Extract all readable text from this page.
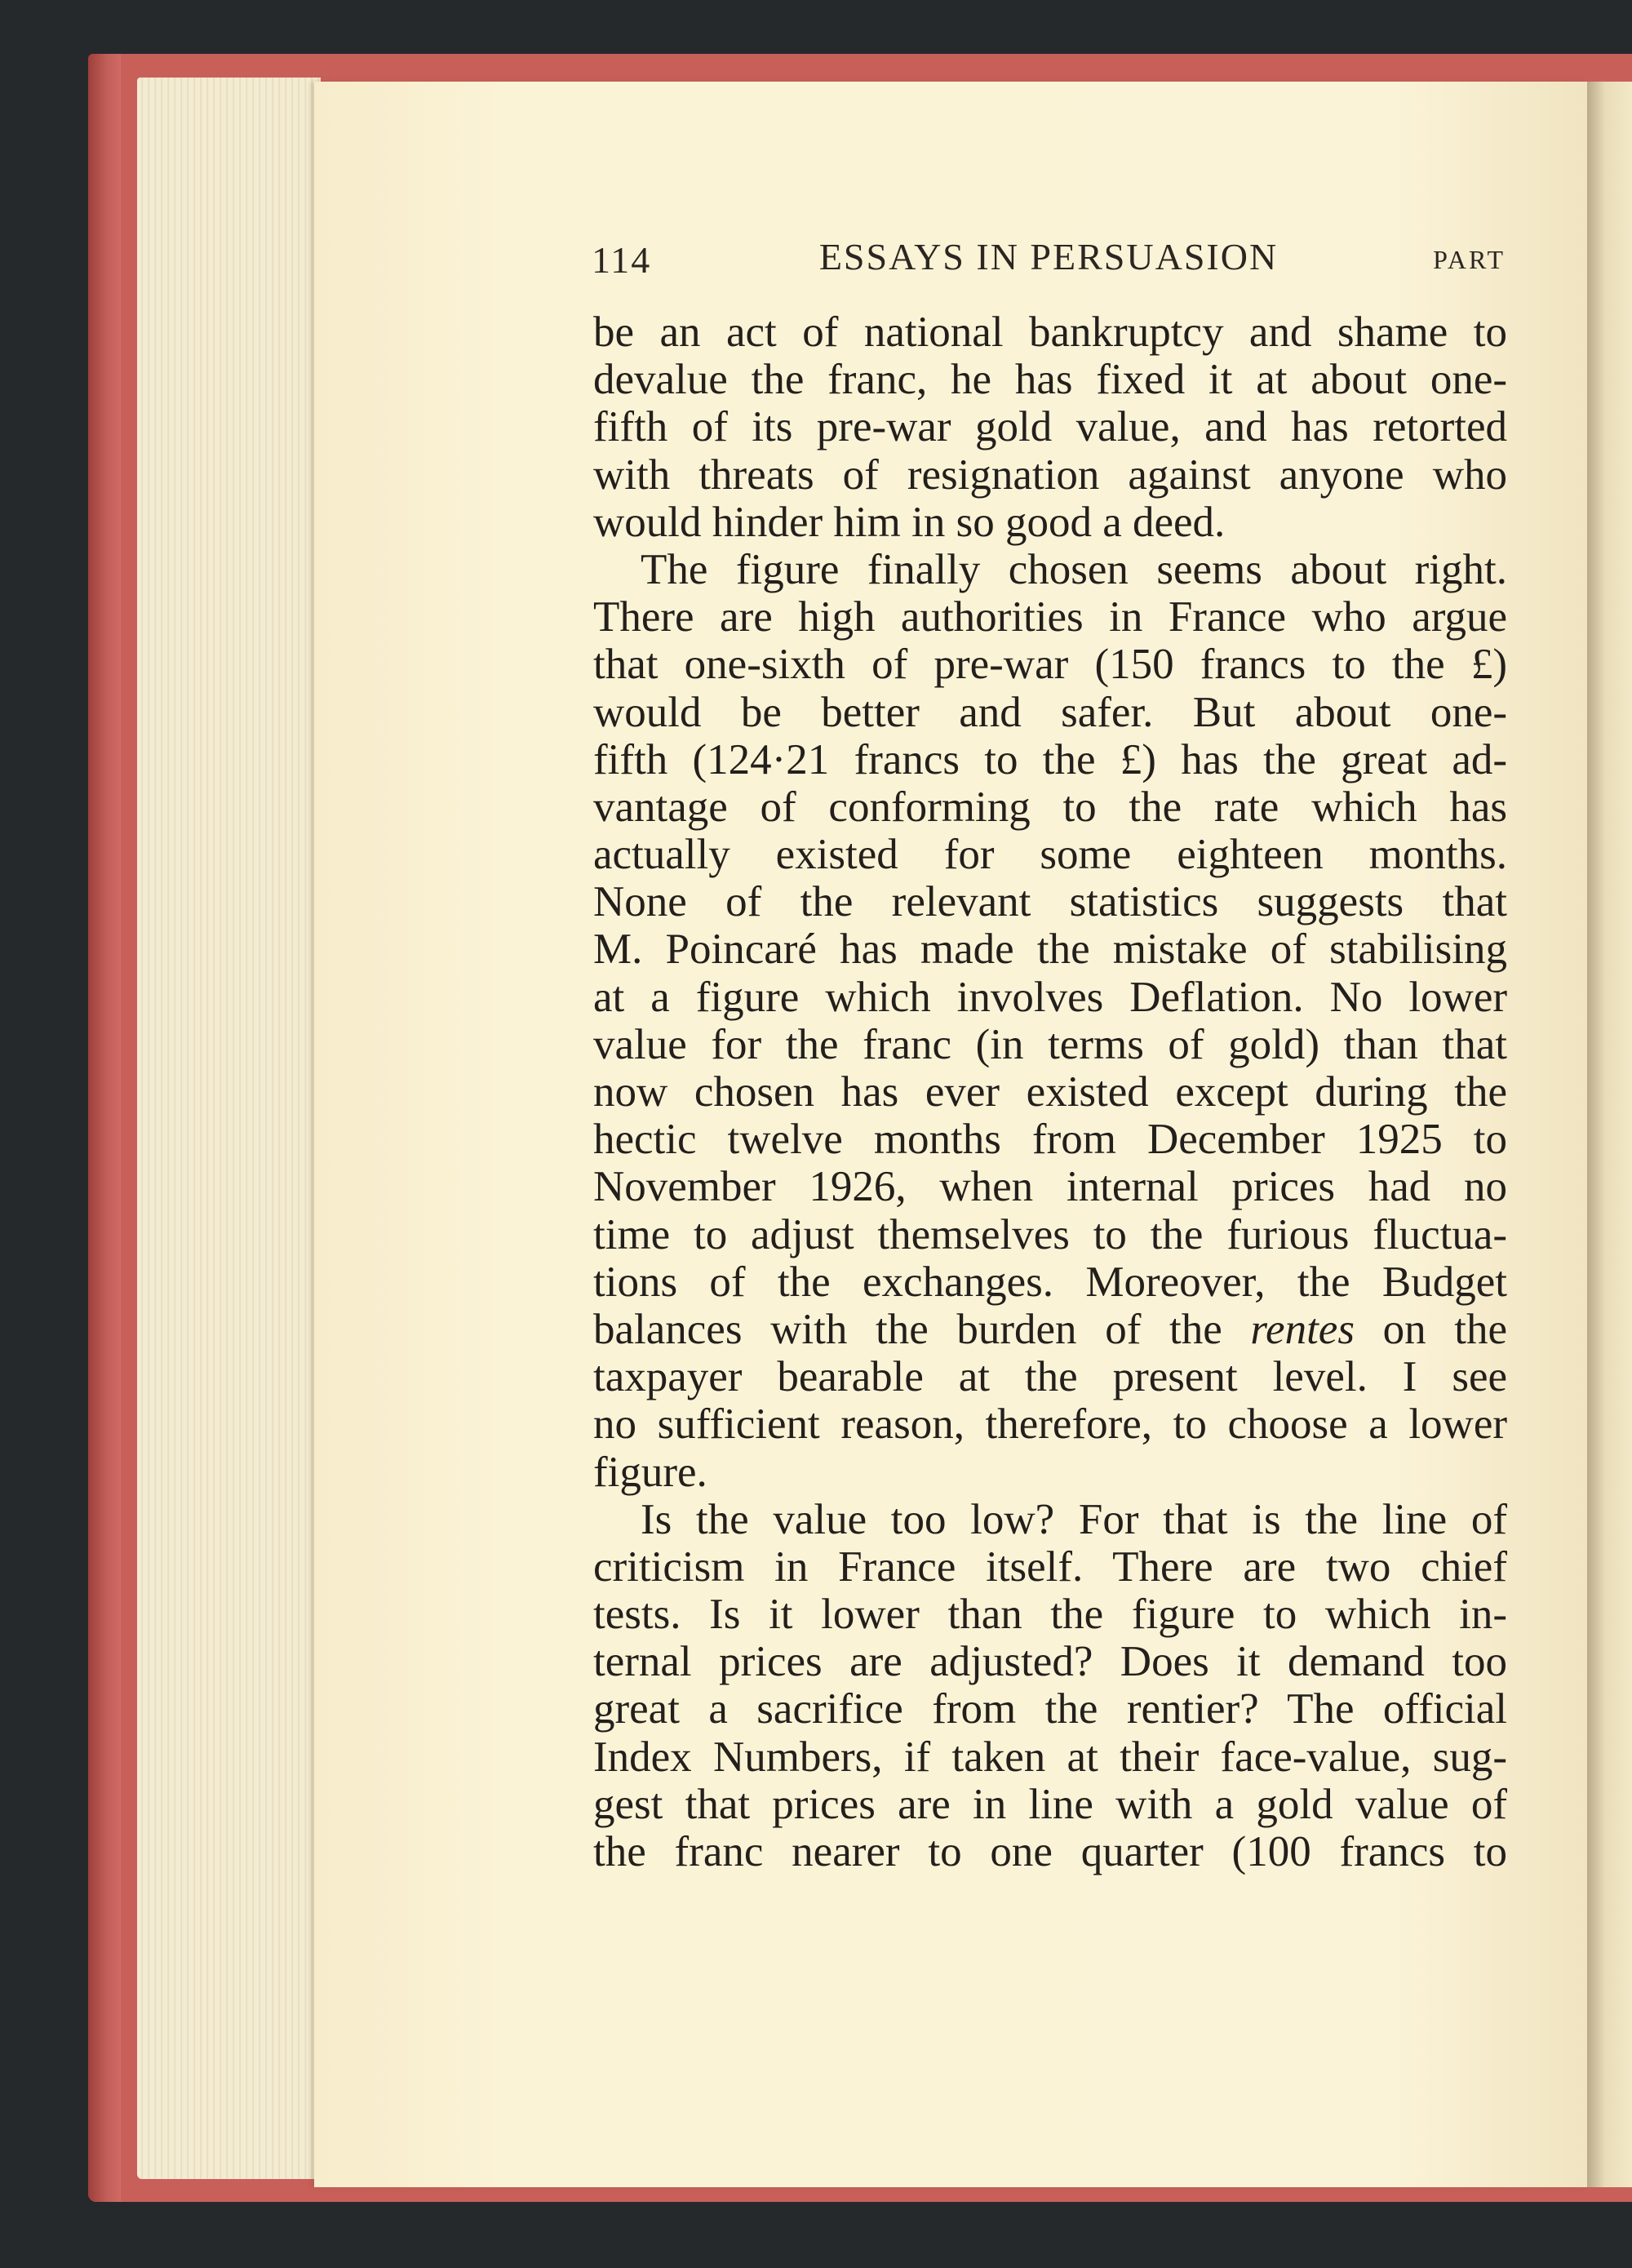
114	ESSAYS IN PERSUASION	PART
be an act of national bankruptcy and shame to
devalue the franc, he has fixed it at about one-
fifth of its pre-war gold value, and has retorted
with threats of resignation against anyone who
would hinder him in so good a deed.
The figure finally chosen seems about right.
There are high authorities in France who argue
that one-sixth of pre-war (150 francs to the £)
would be better and safer. But about one-
fifth (124·21 francs to the £) has the great ad-
vantage of conforming to the rate which has
actually existed for some eighteen months.
None of the relevant statistics suggests that
M. Poincaré has made the mistake of stabilising
at a figure which involves Deflation. No lower
value for the franc (in terms of gold) than that
now chosen has ever existed except during the
hectic twelve months from December 1925 to
November 1926, when internal prices had no
time to adjust themselves to the furious fluctua-
tions of the exchanges. Moreover, the Budget
balances with the burden of the rentes on the
taxpayer bearable at the present level. I see
no sufficient reason, therefore, to choose a lower
figure.
Is the value too low? For that is the line of
criticism in France itself. There are two chief
tests. Is it lower than the figure to which in-
ternal prices are adjusted? Does it demand too
great a sacrifice from the rentier? The official
Index Numbers, if taken at their face-value, sug-
gest that prices are in line with a gold value of
the franc nearer to one quarter (100 francs to
